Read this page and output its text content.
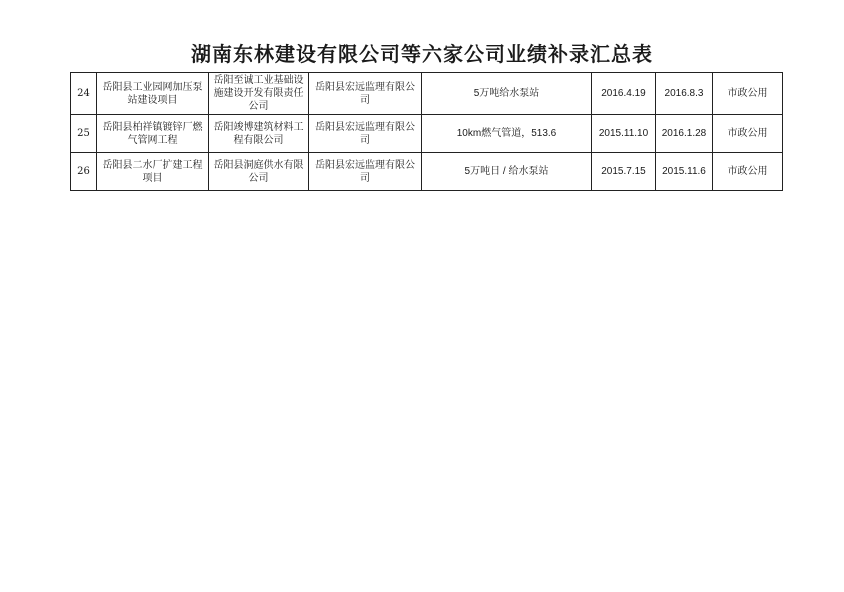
湖南东林建设有限公司等六家公司业绩补录汇总表
24	岳阳县工业园网加压泵站建设项目	岳阳至诚工业基础设施建设开发有限责任公司	岳阳县宏远监理有限公司	5万吨给水泵站	2016.4.19	2016.8.3	市政公用
25	岳阳县柏祥镇镀锌厂燃气管网工程	岳阳竣博建筑材料工程有限公司	岳阳县宏远监理有限公司	10km燃气管道，513.6	2015.11.10	2016.1.28	市政公用
26	岳阳县二水厂扩建工程项目	岳阳县洞庭供水有限公司	岳阳县宏远监理有限公司	5万吨日 / 给水泵站	2015.7.15	2015.11.6	市政公用
